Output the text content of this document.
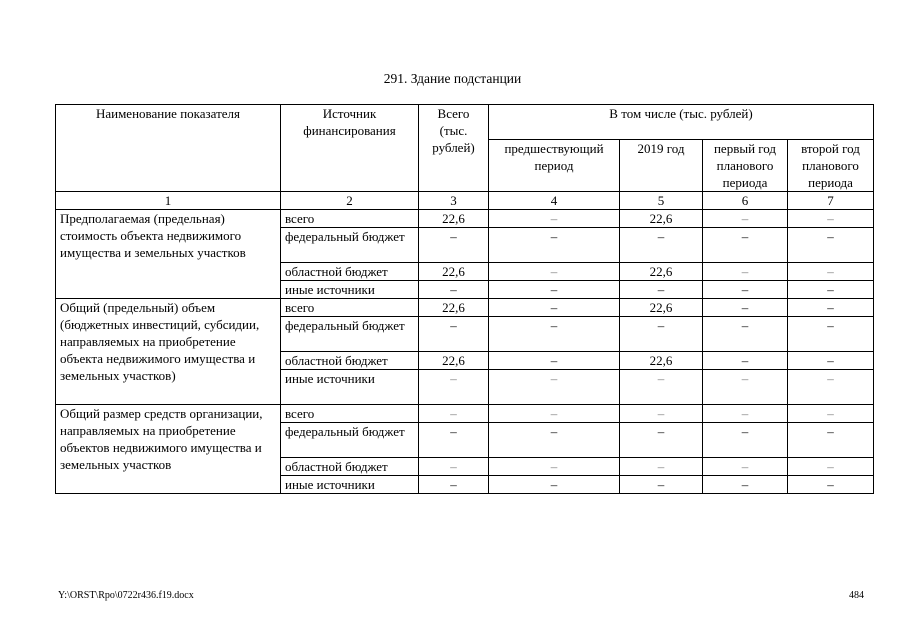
291. Здание подстанции
Наименование показателя	Источник финансирования	Всего (тыс. рублей)	В том числе (тыс. рублей)			
			предшествующий период	2019 год	первый год планового периода	второй год планового периода
1	2	3	4	5	6	7
Предполагаемая (предельная) стоимость объекта недвижимого имущества и земельных участков	всего	22,6	–	22,6	–	–
	федеральный бюджет	–	–	–	–	–
	областной бюджет	22,6	–	22,6	–	–
	иные источники	–	–	–	–	–
Общий (предельный) объем (бюджетных инвестиций, субсидии, направляемых на приобретение объекта недвижимого имущества и земельных участков)	всего	22,6	–	22,6	–	–
	федеральный бюджет	–	–	–	–	–
	областной бюджет	22,6	–	22,6	–	–
	иные источники	–	–	–	–	–
Общий размер средств организации, направляемых на приобретение объектов недвижимого имущества и земельных участков	всего	–	–	–	–	–
	федеральный бюджет	–	–	–	–	–
	областной бюджет	–	–	–	–	–
	иные источники	–	–	–	–	–
Y:\ORST\Rpo\0722r436.f19.docx	484
